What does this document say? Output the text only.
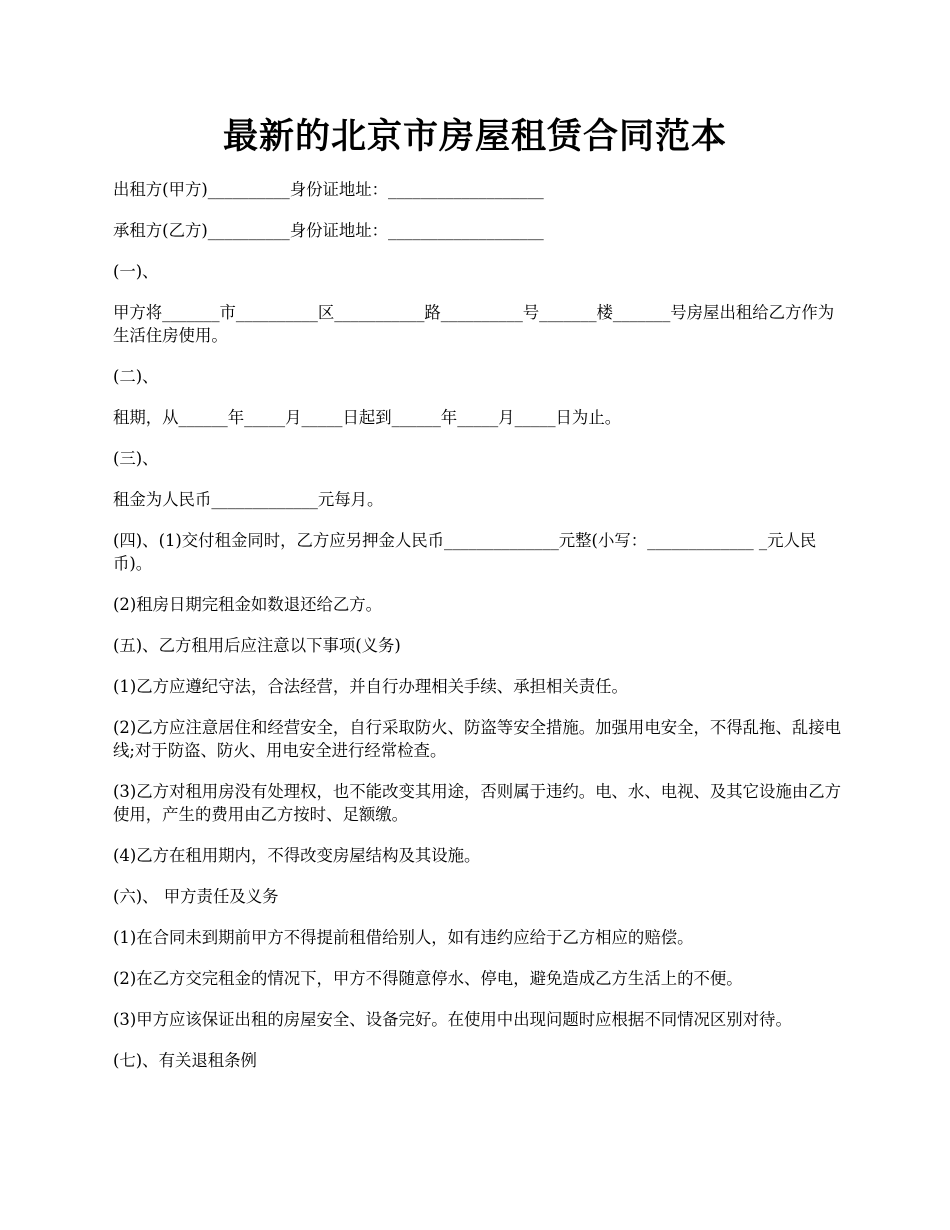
最新的北京市房屋租赁合同范本

出租方(甲方)__________身份证地址：___________________

承租方(乙方)__________身份证地址：___________________

(一)、

甲方将_______市__________区___________路__________号_______楼_______号房屋出租给乙方作为生活住房使用。

(二)、

租期，从______年_____月_____日起到______年_____月_____日为止。

(三)、

租金为人民币_____________元每月。

(四)、(1)交付租金同时，乙方应另押金人民币______________元整(小写：_____________ _元人民币)。

(2)租房日期完租金如数退还给乙方。

(五)、乙方租用后应注意以下事项(义务)

(1)乙方应遵纪守法，合法经营，并自行办理相关手续、承担相关责任。

(2)乙方应注意居住和经营安全，自行采取防火、防盗等安全措施。加强用电安全，不得乱拖、乱接电线;对于防盗、防火、用电安全进行经常检查。

(3)乙方对租用房没有处理权，也不能改变其用途，否则属于违约。电、水、电视、及其它设施由乙方使用，产生的费用由乙方按时、足额缴。

(4)乙方在租用期内，不得改变房屋结构及其设施。

(六)、 甲方责任及义务

(1)在合同未到期前甲方不得提前租借给别人，如有违约应给于乙方相应的赔偿。

(2)在乙方交完租金的情况下，甲方不得随意停水、停电，避免造成乙方生活上的不便。

(3)甲方应该保证出租的房屋安全、设备完好。在使用中出现问题时应根据不同情况区别对待。

(七)、有关退租条例
